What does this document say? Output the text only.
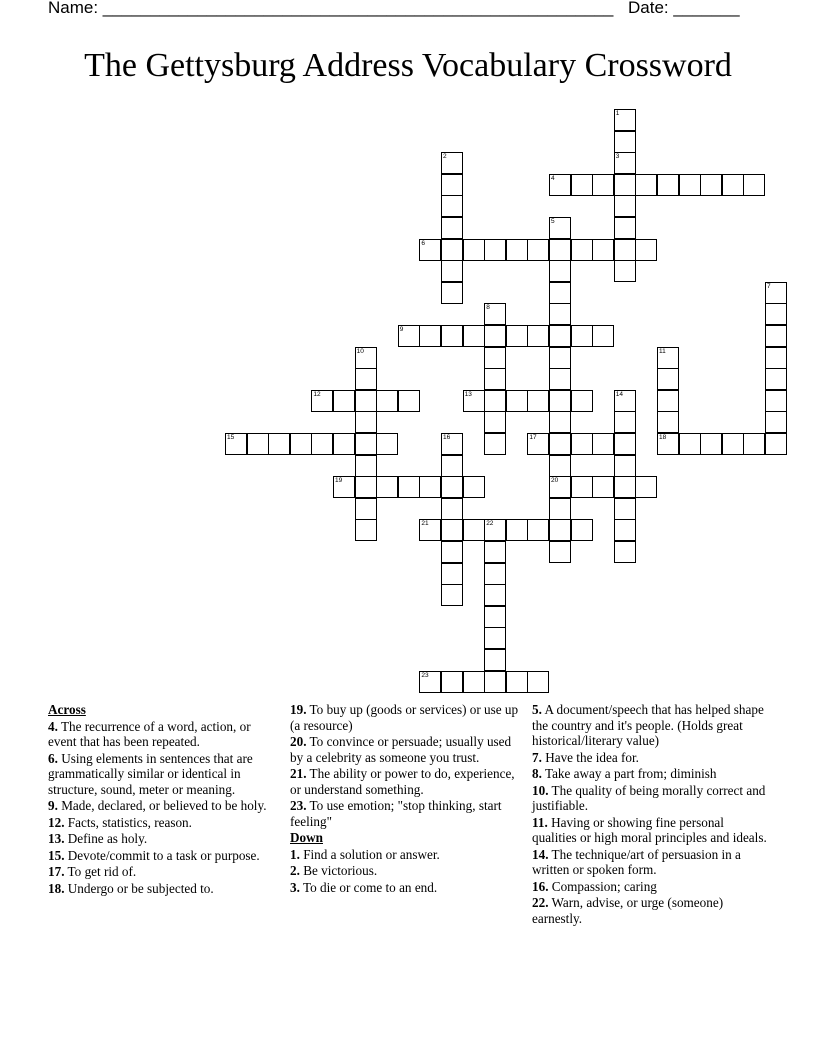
Name: ______________________________________________________ Date: _______
The Gettysburg Address Vocabulary Crossword
1
3
2
4
5
20
6
7
8
9
10	11
18
12	13	14
15	16	17
19
21	22
23
Across
4. The recurrence of a word, action, or event that has been repeated.
6. Using elements in sentences that are grammatically similar or identical in structure, sound, meter or meaning.
9. Made, declared, or believed to be holy.
12. Facts, statistics, reason.
13. Define as holy.
15. Devote/commit to a task or purpose.
17. To get rid of.
18. Undergo or be subjected to.
19. To buy up (goods or services) or use up (a resource)
20. To convince or persuade; usually used by a celebrity as someone you trust.
21. The ability or power to do, experience, or understand something.
23. To use emotion; "stop thinking, start feeling"
Down
1. Find a solution or answer.
2. Be victorious.
3. To die or come to an end.
5. A document/speech that has helped shape the country and it's people. (Holds great historical/literary value)
7. Have the idea for.
8. Take away a part from; diminish
10. The quality of being morally correct and justifiable.
11. Having or showing fine personal qualities or high moral principles and ideals.
14. The technique/art of persuasion in a written or spoken form.
16. Compassion; caring
22. Warn, advise, or urge (someone) earnestly.
